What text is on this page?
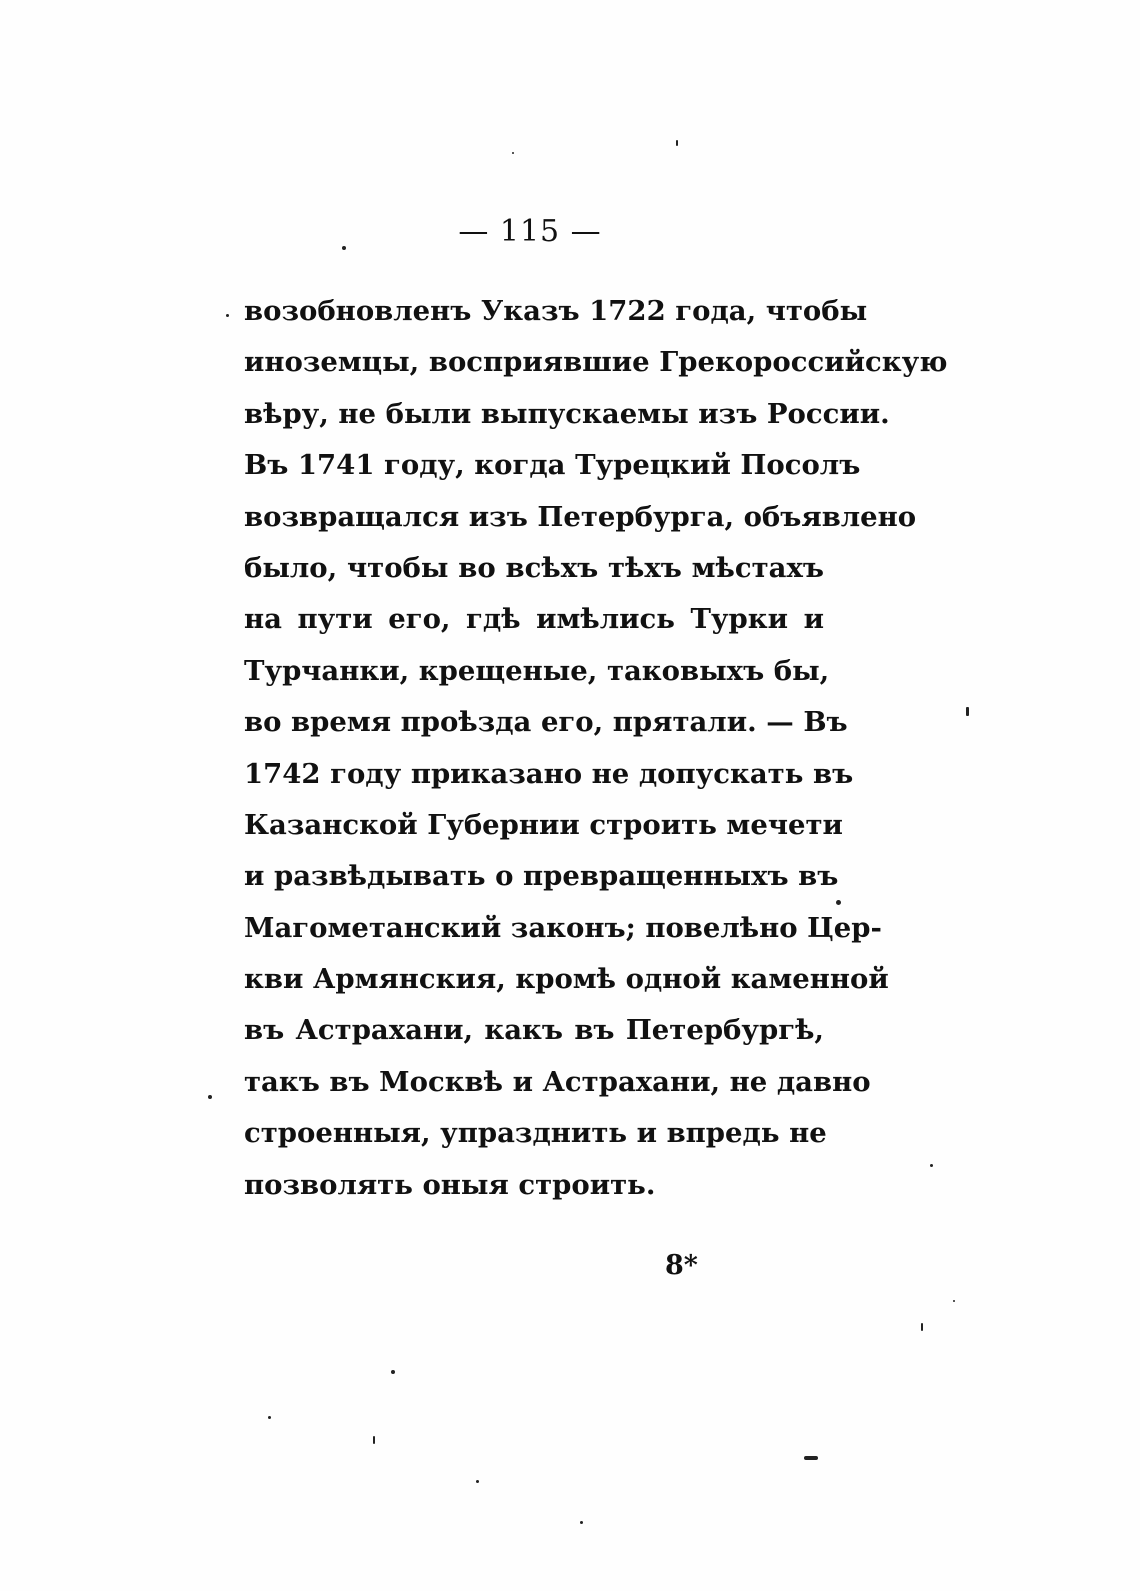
— 115 —
возобновленъ Указъ 1722 года, чтобы
иноземцы, восприявшие Грекороссийскую
вѣру, не были выпускаемы изъ России.
Въ 1741 году, когда Турецкий Посолъ
возвращался изъ Петербурга, объявлено
было, чтобы во всѣхъ тѣхъ мѣстахъ
на пути его, гдѣ имѣлись Турки и
Турчанки, крещеные, таковыхъ бы,
во время проѣзда его, прятали. — Въ
1742 году приказано не допускать въ
Казанской Губернии строить мечети
и развѣдывать о превращенныхъ въ
Магометанский законъ; повелѣно Цер-
кви Армянския, кромѣ одной каменной
въ Астрахани, какъ въ Петербургѣ,
такъ въ Москвѣ и Астрахани, не давно
строенныя, упразднить и впредь не
позволять оныя строить.
8*
